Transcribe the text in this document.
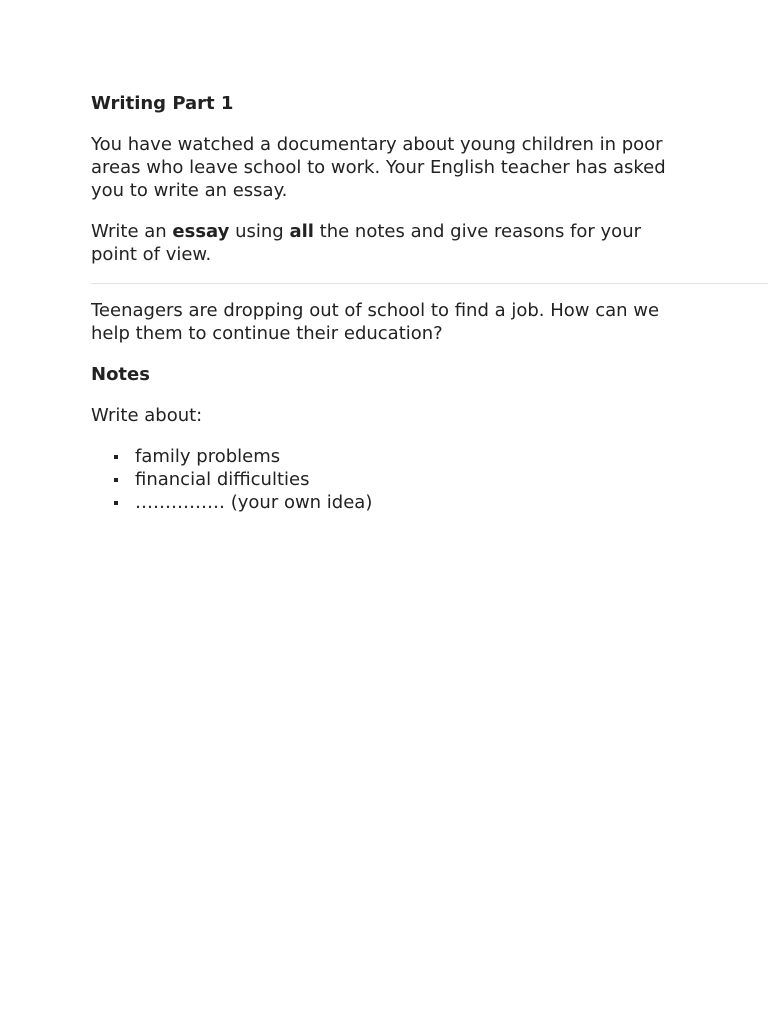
Writing Part 1
You have watched a documentary about young children in poor areas who leave school to work. Your English teacher has asked you to write an essay.
Write an essay using all the notes and give reasons for your point of view.
Teenagers are dropping out of school to find a job. How can we help them to continue their education?
Notes
Write about:
family problems
financial difficulties
…………… (your own idea)
